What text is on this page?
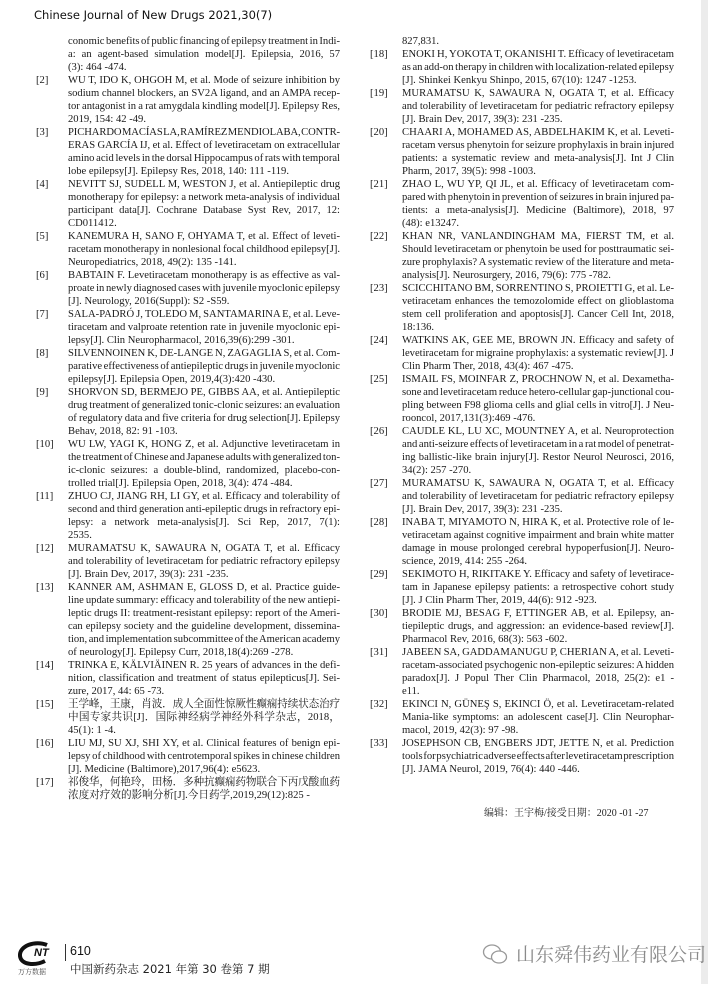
Chinese Journal of New Drugs 2021,30(7)
conomic benefits of public financing of epilepsy treatment in Indi-
a: an agent-based simulation model[J]. Epilepsia, 2016, 57
(3): 464 -474.
[2] WU T, IDO K, OHGOH M, et al. Mode of seizure inhibition by
sodium channel blockers, an SV2A ligand, and an AMPA recep-
tor antagonist in a rat amygdala kindling model[J]. Epilepsy Res,
2019, 154: 42 -49.
[3] PICHARDO MACÍAS LA, RAMÍREZ MENDIOLA BA, CONTR-
ERAS GARCÍA IJ, et al. Effect of levetiracetam on extracellular
amino acid levels in the dorsal Hippocampus of rats with temporal
lobe epilepsy[J]. Epilepsy Res, 2018, 140: 111 -119.
[4] NEVITT SJ, SUDELL M, WESTON J, et al. Antiepileptic drug
monotherapy for epilepsy: a network meta-analysis of individual
participant data[J]. Cochrane Database Syst Rev, 2017, 12:
CD011412.
[5] KANEMURA H, SANO F, OHYAMA T, et al. Effect of leveti-
racetam monotherapy in nonlesional focal childhood epilepsy[J].
Neuropediatrics, 2018, 49(2): 135 -141.
[6] BABTAIN F. Levetiracetam monotherapy is as effective as val-
proate in newly diagnosed cases with juvenile myoclonic epilepsy
[J]. Neurology, 2016(Suppl): S2 -S59.
[7] SALA-PADRÓ J, TOLEDO M, SANTAMARINA E, et al. Leve-
tiracetam and valproate retention rate in juvenile myoclonic epi-
lepsy[J]. Clin Neuropharmacol, 2016,39(6):299 -301.
[8] SILVENNOINEN K, DE-LANGE N, ZAGAGLIA S, et al. Com-
parative effectiveness of antiepileptic drugs in juvenile myoclonic
epilepsy[J]. Epilepsia Open, 2019,4(3):420 -430.
[9] SHORVON SD, BERMEJO PE, GIBBS AA, et al. Antiepileptic
drug treatment of generalized tonic-clonic seizures: an evaluation
of regulatory data and five criteria for drug selection[J]. Epilepsy
Behav, 2018, 82: 91 -103.
[10] WU LW, YAGI K, HONG Z, et al. Adjunctive levetiracetam in
the treatment of Chinese and Japanese adults with generalized ton-
ic-clonic seizures: a double-blind, randomized, placebo-con-
trolled trial[J]. Epilepsia Open, 2018, 3(4): 474 -484.
[11] ZHUO CJ, JIANG RH, LI GY, et al. Efficacy and tolerability of
second and third generation anti-epileptic drugs in refractory epi-
lepsy: a network meta-analysis[J]. Sci Rep, 2017, 7(1):
2535.
[12] MURAMATSU K, SAWAURA N, OGATA T, et al. Efficacy
and tolerability of levetiracetam for pediatric refractory epilepsy
[J]. Brain Dev, 2017, 39(3): 231 -235.
[13] KANNER AM, ASHMAN E, GLOSS D, et al. Practice guide-
line update summary: efficacy and tolerability of the new antiepi-
leptic drugs II: treatment-resistant epilepsy: report of the Ameri-
can epilepsy society and the guideline development, dissemina-
tion, and implementation subcommittee of the American academy
of neurology[J]. Epilepsy Curr, 2018,18(4):269 -278.
[14] TRINKA E, KÄLVIÄINEN R. 25 years of advances in the defi-
nition, classification and treatment of status epilepticus[J]. Sei-
zure, 2017, 44: 65 -73.
[15] 王学峰，王康，肖波．成人全面性惊厥性癫痫持续状态治疗
中国专家共识[J]．国际神经病学神经外科学杂志，2018，
45(1): 1 -4.
[16] LIU MJ, SU XJ, SHI XY, et al. Clinical features of benign epi-
lepsy of childhood with centrotemporal spikes in chinese children
[J]. Medicine (Baltimore),2017,96(4): e5623.
[17] 祁俊华，何艳玲，田杨．多种抗癫痫药物联合下丙戊酸血药
浓度对疗效的影响分析[J].今日药学,2019,29(12):825 -
827,831.
[18] ENOKI H, YOKOTA T, OKANISHI T. Efficacy of levetiracetam
as an add-on therapy in children with localization-related epilepsy
[J]. Shinkei Kenkyu Shinpo, 2015, 67(10): 1247 -1253.
[19] MURAMATSU K, SAWAURA N, OGATA T, et al. Efficacy
and tolerability of levetiracetam for pediatric refractory epilepsy
[J]. Brain Dev, 2017, 39(3): 231 -235.
[20] CHAARI A, MOHAMED AS, ABDELHAKIM K, et al. Leveti-
racetam versus phenytoin for seizure prophylaxis in brain injured
patients: a systematic review and meta-analysis[J]. Int J Clin
Pharm, 2017, 39(5): 998 -1003.
[21] ZHAO L, WU YP, QI JL, et al. Efficacy of levetiracetam com-
pared with phenytoin in prevention of seizures in brain injured pa-
tients: a meta-analysis[J]. Medicine (Baltimore), 2018, 97
(48): e13247.
[22] KHAN NR, VANLANDINGHAM MA, FIERST TM, et al.
Should levetiracetam or phenytoin be used for posttraumatic sei-
zure prophylaxis? A systematic review of the literature and meta-
analysis[J]. Neurosurgery, 2016, 79(6): 775 -782.
[23] SCICCHITANO BM, SORRENTINO S, PROIETTI G, et al. Le-
vetiracetam enhances the temozolomide effect on glioblastoma
stem cell proliferation and apoptosis[J]. Cancer Cell Int, 2018,
18:136.
[24] WATKINS AK, GEE ME, BROWN JN. Efficacy and safety of
levetiracetam for migraine prophylaxis: a systematic review[J]. J
Clin Pharm Ther, 2018, 43(4): 467 -475.
[25] ISMAIL FS, MOINFAR Z, PROCHNOW N, et al. Dexametha-
sone and levetiracetam reduce hetero-cellular gap-junctional cou-
pling between F98 glioma cells and glial cells in vitro[J]. J Neu-
rooncol, 2017,131(3):469 -476.
[26] CAUDLE KL, LU XC, MOUNTNEY A, et al. Neuroprotection
and anti-seizure effects of levetiracetam in a rat model of penetrat-
ing ballistic-like brain injury[J]. Restor Neurol Neurosci, 2016,
34(2): 257 -270.
[27] MURAMATSU K, SAWAURA N, OGATA T, et al. Efficacy
and tolerability of levetiracetam for pediatric refractory epilepsy
[J]. Brain Dev, 2017, 39(3): 231 -235.
[28] INABA T, MIYAMOTO N, HIRA K, et al. Protective role of le-
vetiracetam against cognitive impairment and brain white matter
damage in mouse prolonged cerebral hypoperfusion[J]. Neuro-
science, 2019, 414: 255 -264.
[29] SEKIMOTO H, RIKITAKE Y. Efficacy and safety of levetirace-
tam in Japanese epilepsy patients: a retrospective cohort study
[J]. J Clin Pharm Ther, 2019, 44(6): 912 -923.
[30] BRODIE MJ, BESAG F, ETTINGER AB, et al. Epilepsy, an-
tiepileptic drugs, and aggression: an evidence-based review[J].
Pharmacol Rev, 2016, 68(3): 563 -602.
[31] JABEEN SA, GADDAMANUGU P, CHERIAN A, et al. Leveti-
racetam-associated psychogenic non-epileptic seizures: A hidden
paradox[J]. J Popul Ther Clin Pharmacol, 2018, 25(2): e1 -
e11.
[32] EKINCI N, GÜNEŞ S, EKINCI Ö, et al. Levetiracetam-related
Mania-like symptoms: an adolescent case[J]. Clin Neurophar-
macol, 2019, 42(3): 97 -98.
[33] JOSEPHSON CB, ENGBERS JDT, JETTE N, et al. Prediction
tools for psychiatric adverse effects after levetiracetam prescription
[J]. JAMA Neurol, 2019, 76(4): 440 -446.
编辑：王宇梅/接受日期：2020 -01 -27
NT 610
中国新药杂志 2021 年第 30 卷第 7 期
万方数据
山东舜伟药业有限公司
